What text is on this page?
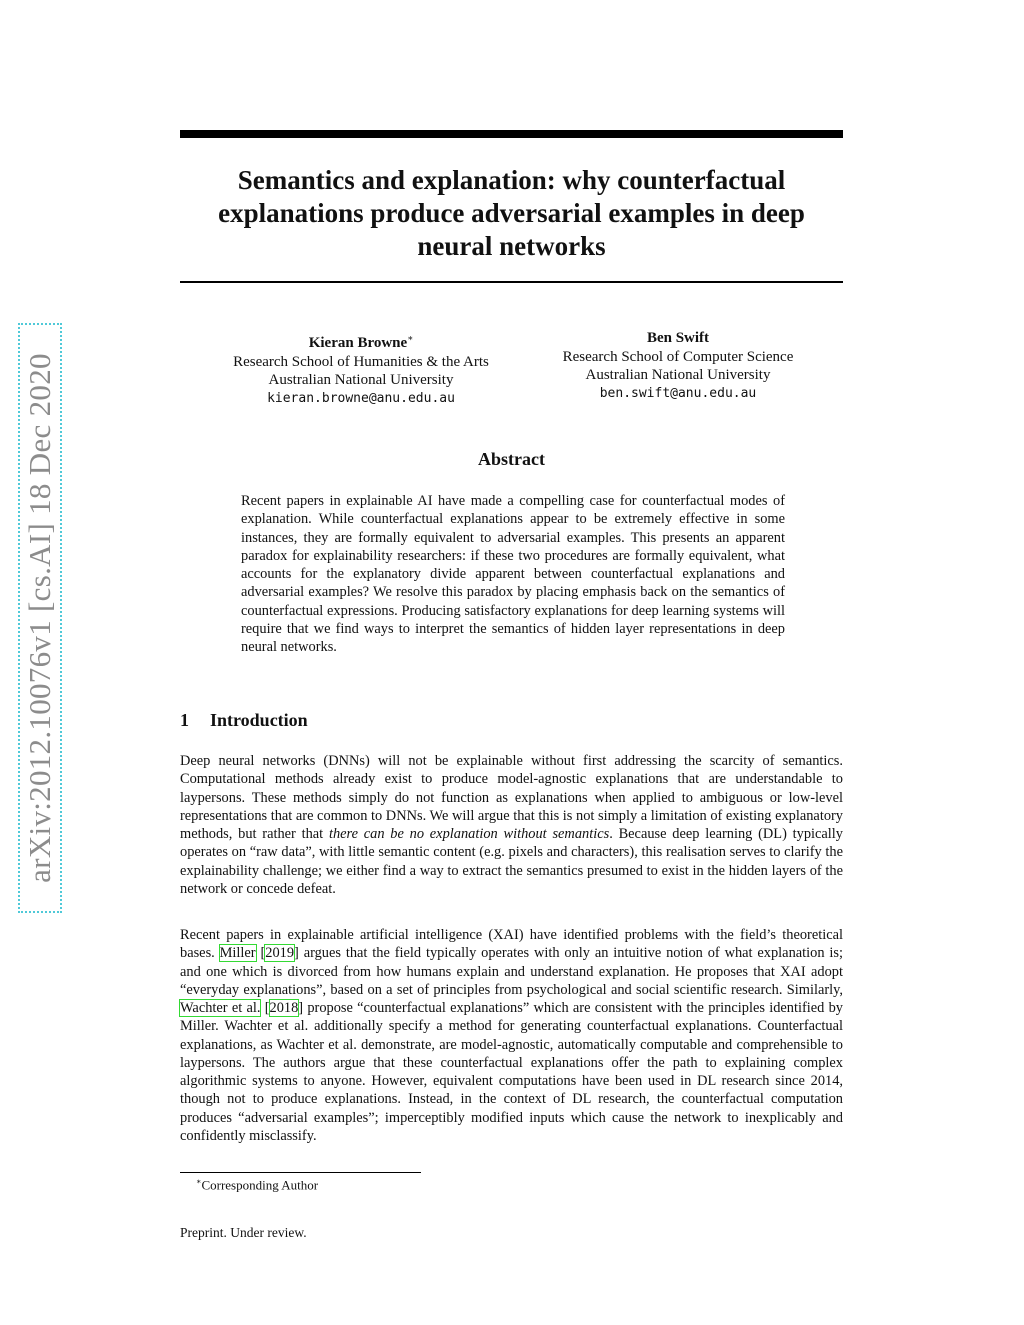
arXiv:2012.10076v1 [cs.AI] 18 Dec 2020
Semantics and explanation: why counterfactual explanations produce adversarial examples in deep neural networks
Kieran Browne∗
Research School of Humanities & the Arts
Australian National University
kieran.browne@anu.edu.au
Ben Swift
Research School of Computer Science
Australian National University
ben.swift@anu.edu.au
Abstract

Recent papers in explainable AI have made a compelling case for counterfactual modes of explanation. While counterfactual explanations appear to be extremely effective in some instances, they are formally equivalent to adversarial examples. This presents an apparent paradox for explainability researchers: if these two procedures are formally equivalent, what accounts for the explanatory divide apparent between counterfactual explanations and adversarial examples? We resolve this paradox by placing emphasis back on the semantics of counterfactual expressions. Producing satisfactory explanations for deep learning systems will require that we find ways to interpret the semantics of hidden layer representations in deep neural networks.

1 Introduction

Deep neural networks (DNNs) will not be explainable without first addressing the scarcity of semantics. Computational methods already exist to produce model-agnostic explanations that are understandable to laypersons. These methods simply do not function as explanations when applied to ambiguous or low-level representations that are common to DNNs. We will argue that this is not simply a limitation of existing explanatory methods, but rather that there can be no explanation without semantics. Because deep learning (DL) typically operates on “raw data”, with little semantic content (e.g. pixels and characters), this realisation serves to clarify the explainability challenge; we either find a way to extract the semantics presumed to exist in the hidden layers of the network or concede defeat.

Recent papers in explainable artificial intelligence (XAI) have identified problems with the field’s theoretical bases. Miller [2019] argues that the field typically operates with only an intuitive notion of what explanation is; and one which is divorced from how humans explain and understand explanation. He proposes that XAI adopt “everyday explanations”, based on a set of principles from psychological and social scientific research. Similarly, Wachter et al. [2018] propose “counterfactual explanations” which are consistent with the principles identified by Miller. Wachter et al. additionally specify a method for generating counterfactual explanations. Counterfactual explanations, as Wachter et al. demonstrate, are model-agnostic, automatically computable and comprehensible to laypersons. The authors argue that these counterfactual explanations offer the path to explaining complex algorithmic systems to anyone. However, equivalent computations have been used in DL research since 2014, though not to produce explanations. Instead, in the context of DL research, the counterfactual computation produces “adversarial examples”; imperceptibly modified inputs which cause the network to inexplicably and confidently misclassify.

∗Corresponding Author

Preprint. Under review.
